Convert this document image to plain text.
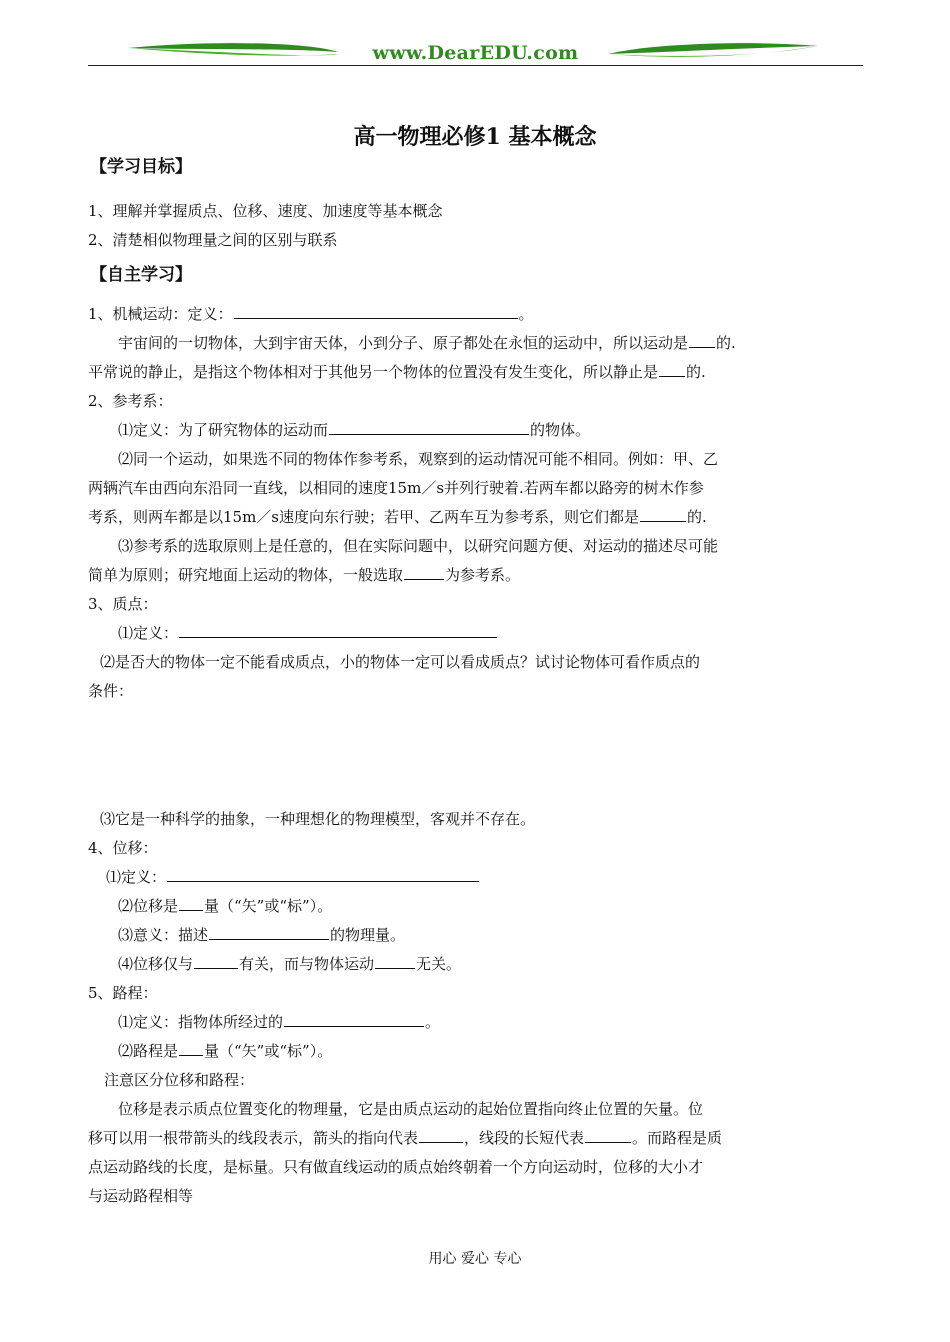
www.DearEDU.com
高一物理必修1 基本概念
【学习目标】
1、理解并掌握质点、位移、速度、加速度等基本概念
2、清楚相似物理量之间的区别与联系
【自主学习】
1、机械运动：定义：	。
宇宙间的一切物体，大到宇宙天体，小到分子、原子都处在永恒的运动中，所以运动是 的.
平常说的静止，是指这个物体相对于其他另一个物体的位置没有发生变化，所以静止是 的.
2、参考系：
⑴定义：为了研究物体的运动而	的物体。
⑵同一个运动，如果选不同的物体作参考系，观察到的运动情况可能不相同。例如：甲、乙
两辆汽车由西向东沿同一直线，以相同的速度15m／s并列行驶着.若两车都以路旁的树木作参
考系，则两车都是以15m／s速度向东行驶；若甲、乙两车互为参考系，则它们都是	的.
⑶参考系的选取原则上是任意的，但在实际问题中，以研究问题方便、对运动的描述尽可能
简单为原则；研究地面上运动的物体，一般选取	为参考系。
3、质点：
⑴定义：
⑵是否大的物体一定不能看成质点，小的物体一定可以看成质点？试讨论物体可看作质点的
条件：
⑶它是一种科学的抽象，一种理想化的物理模型，客观并不存在。
4、位移：
⑴定义：
⑵位移是 量（“矢”或“标”）。
⑶意义：描述	的物理量。
⑷位移仅与	有关，而与物体运动	无关。
5、路程：
⑴定义：指物体所经过的	。
⑵路程是 量（“矢”或“标”）。
注意区分位移和路程：
位移是表示质点位置变化的物理量，它是由质点运动的起始位置指向终止位置的矢量。位
移可以用一根带箭头的线段表示，箭头的指向代表	，线段的长短代表	。而路程是质
点运动路线的长度，是标量。只有做直线运动的质点始终朝着一个方向运动时，位移的大小才
与运动路程相等
用心 爱心 专心
